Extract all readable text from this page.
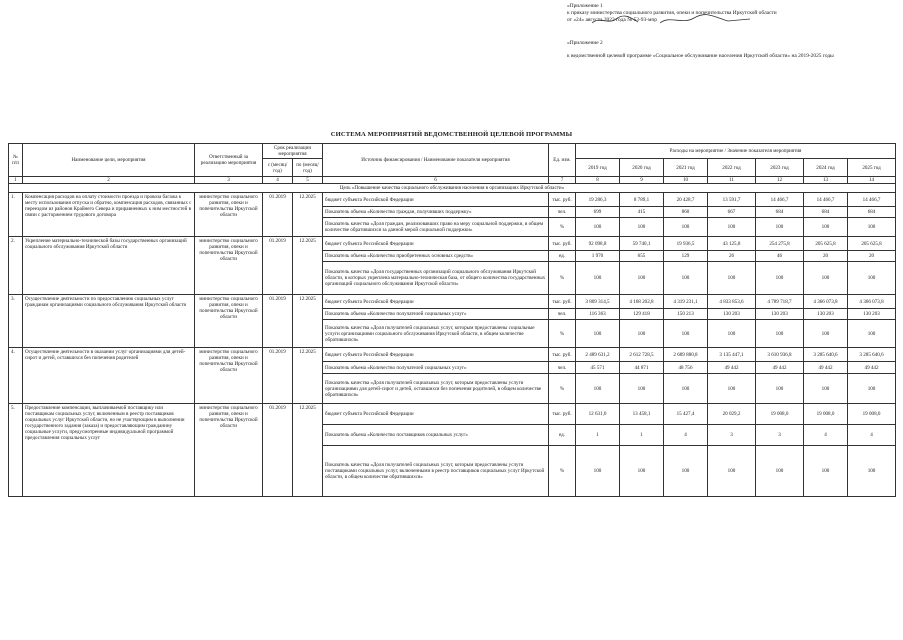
«Приложение 1
к приказу министерства социального развития, опеки и попечительства Иркутской области
от «24» августа 2023 года № 53-93-мпр
«Приложение 2
к ведомственной целевой программе «Социальное обслуживание населения Иркутской области» на 2019-2025 годы
СИСТЕМА МЕРОПРИЯТИЙ ВЕДОМСТВЕННОЙ ЦЕЛЕВОЙ ПРОГРАММЫ
№ п/п	Наименование цели, мероприятия	Ответственный за реализацию мероприятия	Срок реализации мероприятия		Источник финансирования / Наименование показателя мероприятия	Ед. изм.	Расходы на мероприятие / Значение показателя мероприятия						
			с (месяц/год)	по (месяц/год)			2019 год	2020 год	2021 год	2022 год	2023 год	2024 год	2025 год

1	2	3	4	5	6	7	8	9	10	11	12	13	14
Цель «Повышение качества социального обслуживания населения в организациях Иркутской области»													
1.	Компенсация расходов на оплату стоимости проезда и провоза багажа к месту использования отпуска и обратно, компенсация расходов, связанных с переездом из районов Крайнего Севера и приравненных к ним местностей в связи с расторжением трудового договора	министерство социального развития, опеки и попечительства Иркутской области	01.2019	12.2025	бюджет субъекта Российской Федерации	тыс. руб.	19 286,3	8 789,1	20 428,7	13 591,7	14 466,7	14 466,7	14 466,7
					Показатель объема «Количество граждан, получивших поддержку»	чел.	699	415	860	667	684	684	684
					Показатель качества «Доля граждан, реализовавших право на меру социальной поддержки, в общем количестве обратившихся за данной мерой социальной поддержки»	%	100	100	100	100	100	100	100
2.	Укрепление материально-технической базы государственных организаций социального обслуживания Иркутской области	министерство социального развития, опеки и попечительства Иркутской области	01.2019	12.2025	бюджет субъекта Российской Федерации	тыс. руб.	92 098,8	59 740,1	19 936,5	43 125,8	254 275,8	205 625,8	205 625,8
					Показатель объема «Количество приобретенных основных средств»	ед.	1 970	655	129	26	46	20	20
					Показатель качества «Доля государственных организаций социального обслуживания Иркутской области, в которых укреплена материально-техническая база, от общего количества государственных организаций социального обслуживания Иркутской области»	%	100	100	100	100	100	100	100
3.	Осуществление деятельности по предоставлению социальных услуг гражданам организациями социального обслуживания Иркутской области	министерство социального развития, опеки и попечительства Иркутской области	01.2019	12.2025	бюджет субъекта Российской Федерации	тыс. руб.	3 809 314,5	4 168 202,8	4 319 231,1	4 833 853,6	4 789 718,7	4 366 073,8	4 366 073,8
					Показатель объема «Количество получателей социальных услуг»	чел.	116 363	129 418	150 213	130 203	130 203	130 203	130 203
					Показатель качества «Доля получателей социальных услуг, которым предоставлены социальные услуги организациями социального обслуживания Иркутской области, в общем количестве обратившихся»	%	100	100	100	100	100	100	100
4.	Осуществление деятельности в оказании услуг организациями для детей-сирот и детей, оставшихся без попечения родителей	министерство социального развития, опеки и попечительства Иркутской области	01.2019	12.2025	бюджет субъекта Российской Федерации	тыс. руб.	2 489 631,2	2 612 728,5	2 689 880,8	3 135 447,1	3 610 936,8	3 285 640,6	3 285 640,6
					Показатель объема «Количество получателей социальных услуг»	чел.	45 571	44 871	48 756	49 442	49 442	49 442	49 442
					Показатель качества «Доля получателей социальных услуг, которым предоставлены услуги организациями для детей-сирот и детей, оставшихся без попечения родителей, в общем количестве обратившихся»	%	100	100	100	100	100	100	100
5.	Предоставление компенсации, выплачиваемой поставщику или поставщикам социальных услуг, включенным в реестр поставщиков социальных услуг Иркутской области, но не участвующим в выполнении государственного задания (заказа) и предоставляющим гражданину социальные услуги, предусмотренные индивидуальной программой предоставления социальных услуг	министерство социального развития, опеки и попечительства Иркутской области	01.2019	12.2025	бюджет субъекта Российской Федерации	тыс. руб.	12 631,0	13 458,1	15 427,4	20 029,2	19 008,0	19 008,0	19 008,0
					Показатель объема «Количество поставщиков социальных услуг»	ед.	1	1	4	3	3	4	4
					Показатель качества «Доля получателей социальных услуг, которым предоставлены услуги поставщиками социальных услуг, включенными в реестр поставщиков социальных услуг Иркутской области, в общем количестве обратившихся»	%	100	100	100	100	100	100	100
